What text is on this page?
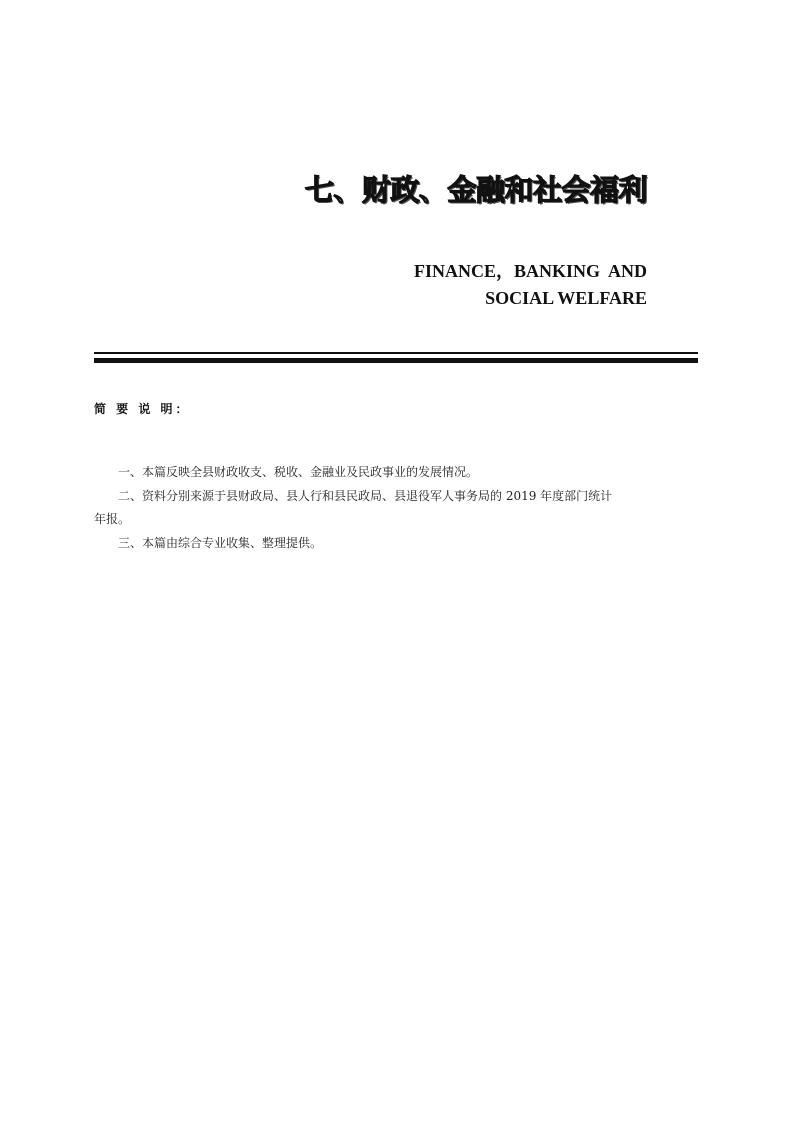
七、财政、金融和社会福利
FINANCE，BANKING  AND
SOCIAL WELFARE
简 要 说 明：

一、本篇反映全县财政收支、税收、金融业及民政事业的发展情况。

二、资料分别来源于县财政局、县人行和县民政局、县退役军人事务局的 2019 年度部门统计

年报。

三、本篇由综合专业收集、整理提供。
